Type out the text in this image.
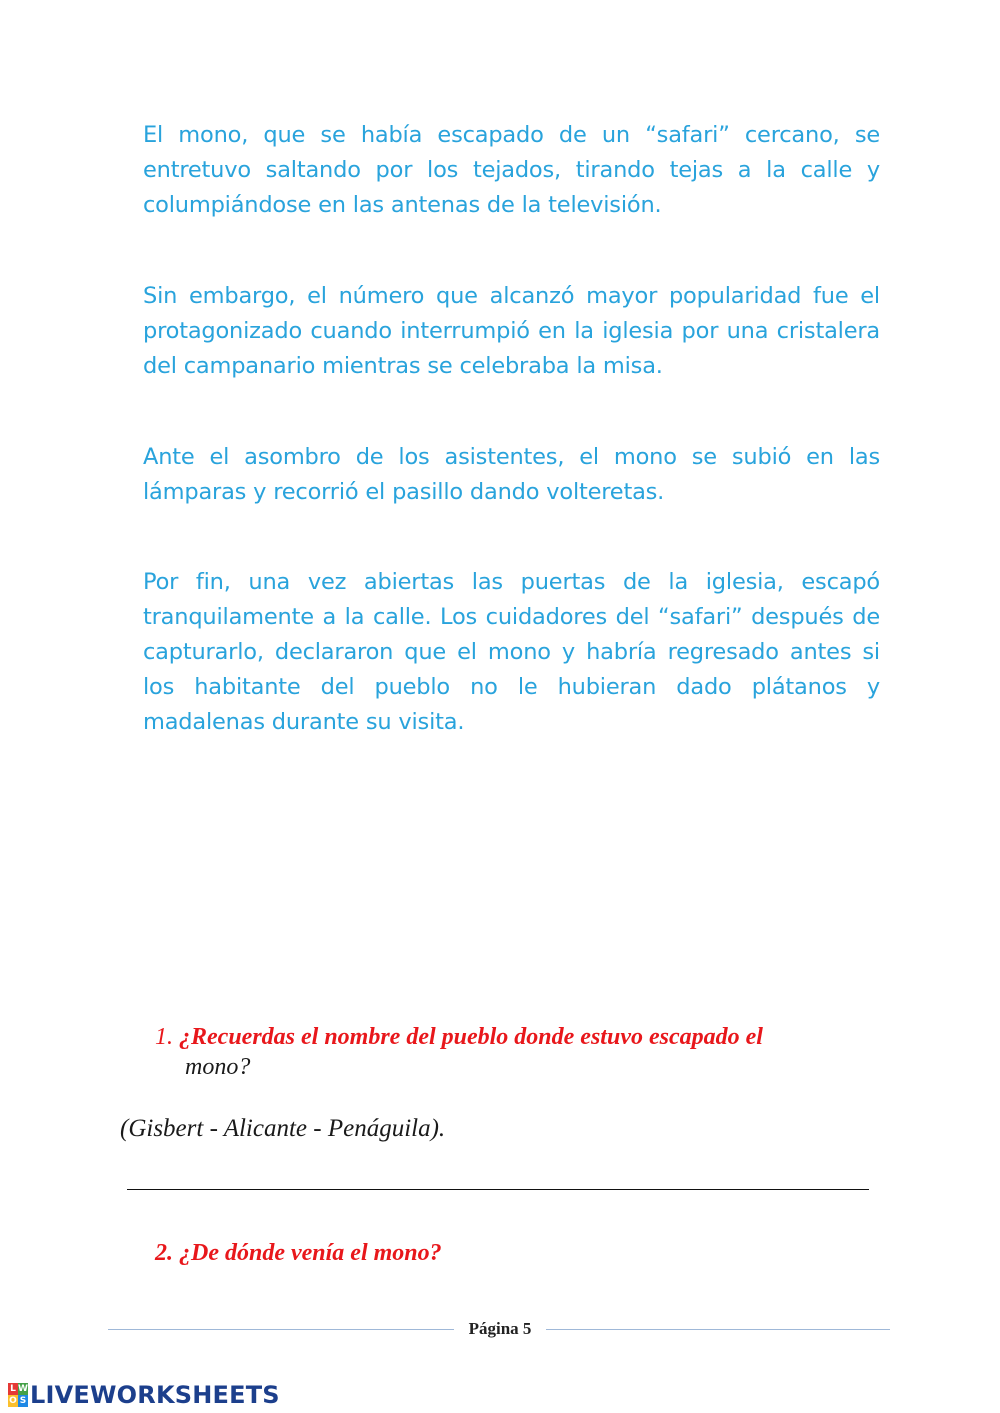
El mono, que se había escapado de un “safari” cercano, se entretuvo saltando por los tejados, tirando tejas a la calle y columpiándose en las antenas de la televisión.

Sin embargo, el número que alcanzó mayor popularidad fue el protagonizado cuando interrumpió en la iglesia por una cristalera del campanario mientras se celebraba la misa.

Ante el asombro de los asistentes, el mono se subió en las lámparas y recorrió el pasillo dando volteretas.

Por fin, una vez abiertas las puertas de la iglesia, escapó tranquilamente a la calle. Los cuidadores del “safari” después de capturarlo, declararon que el mono y habría regresado antes si los habitante del pueblo no le hubieran dado plátanos y madalenas durante su visita.

1. ¿Recuerdas el nombre del pueblo donde estuvo escapado el
mono?
(Gisbert - Alicante - Penáguila).
2. ¿De dónde venía el mono?
Página 5
L W
O S LIVEWORKSHEETS
